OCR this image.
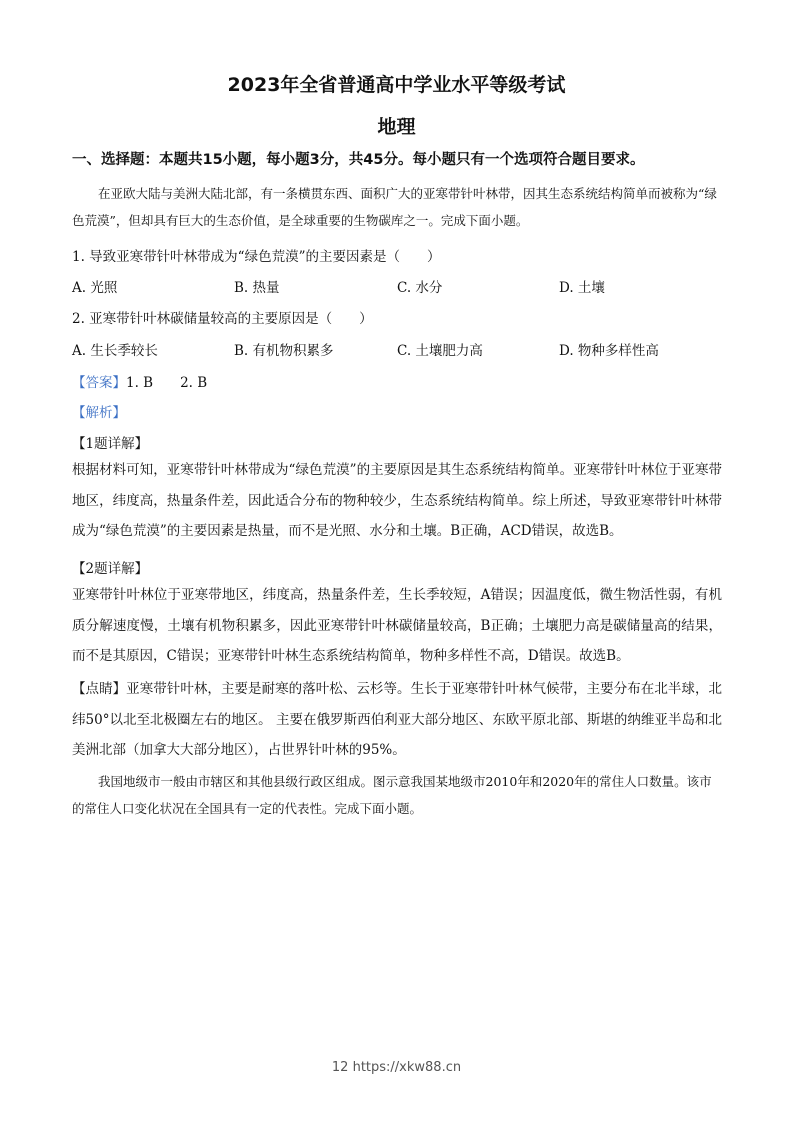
2023年全省普通高中学业水平等级考试
地理
一、选择题：本题共15小题，每小题3分，共45分。每小题只有一个选项符合题目要求。
在亚欧大陆与美洲大陆北部，有一条横贯东西、面积广大的亚寒带针叶林带，因其生态系统结构简单而被称为“绿色荒漠”，但却具有巨大的生态价值，是全球重要的生物碳库之一。完成下面小题。
1. 导致亚寒带针叶林带成为“绿色荒漠”的主要因素是（　　）
A. 光照	B. 热量	C. 水分	D. 土壤
2. 亚寒带针叶林碳储量较高的主要原因是（　　）
A. 生长季较长	B. 有机物积累多	C. 土壤肥力高	D. 物种多样性高
【答案】1. B　　2. B
【解析】
【1题详解】
根据材料可知，亚寒带针叶林带成为“绿色荒漠”的主要原因是其生态系统结构简单。亚寒带针叶林位于亚寒带地区，纬度高，热量条件差，因此适合分布的物种较少，生态系统结构简单。综上所述，导致亚寒带针叶林带成为“绿色荒漠”的主要因素是热量，而不是光照、水分和土壤。B正确，ACD错误，故选B。
【2题详解】
亚寒带针叶林位于亚寒带地区，纬度高，热量条件差，生长季较短，A错误；因温度低，微生物活性弱，有机质分解速度慢，土壤有机物积累多，因此亚寒带针叶林碳储量较高，B正确；土壤肥力高是碳储量高的结果，而不是其原因，C错误；亚寒带针叶林生态系统结构简单，物种多样性不高，D错误。故选B。
【点睛】亚寒带针叶林，主要是耐寒的落叶松、云杉等。生长于亚寒带针叶林气候带，主要分布在北半球，北纬50°以北至北极圈左右的地区。 主要在俄罗斯西伯利亚大部分地区、东欧平原北部、斯堪的纳维亚半岛和北美洲北部（加拿大大部分地区），占世界针叶林的95%。
我国地级市一般由市辖区和其他县级行政区组成。图示意我国某地级市2010年和2020年的常住人口数量。该市的常住人口变化状况在全国具有一定的代表性。完成下面小题。
12 https://xkw88.cn
